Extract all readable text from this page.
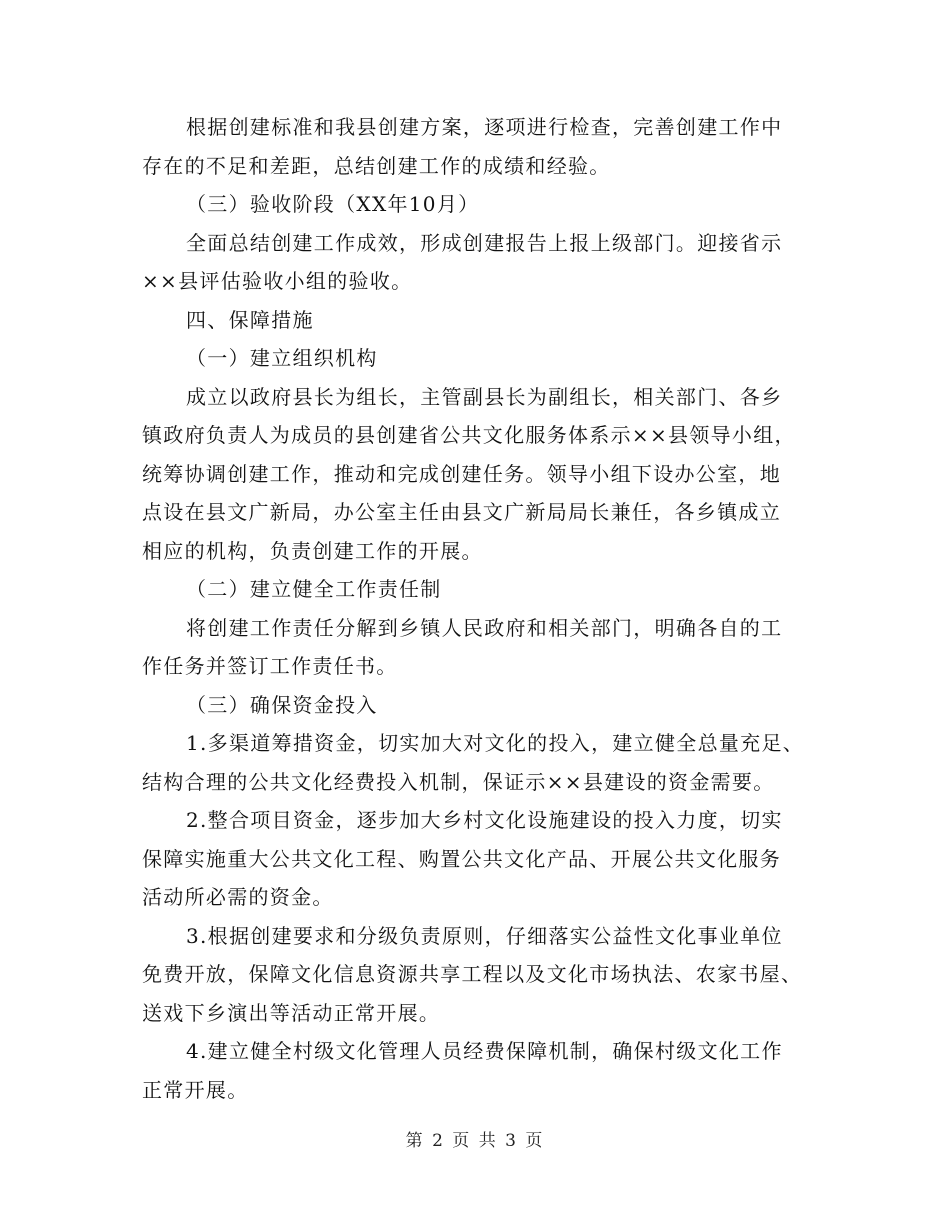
根据创建标准和我县创建方案，逐项进行检查，完善创建工作中
存在的不足和差距，总结创建工作的成绩和经验。
（三）验收阶段（XX年10月）
全面总结创建工作成效，形成创建报告上报上级部门。迎接省示
××县评估验收小组的验收。
四、保障措施
（一）建立组织机构
成立以政府县长为组长，主管副县长为副组长，相关部门、各乡
镇政府负责人为成员的县创建省公共文化服务体系示××县领导小组，
统筹协调创建工作，推动和完成创建任务。领导小组下设办公室，地
点设在县文广新局，办公室主任由县文广新局局长兼任，各乡镇成立
相应的机构，负责创建工作的开展。
（二）建立健全工作责任制
将创建工作责任分解到乡镇人民政府和相关部门，明确各自的工
作任务并签订工作责任书。
（三）确保资金投入
1.多渠道筹措资金，切实加大对文化的投入，建立健全总量充足、
结构合理的公共文化经费投入机制，保证示××县建设的资金需要。
2.整合项目资金，逐步加大乡村文化设施建设的投入力度，切实
保障实施重大公共文化工程、购置公共文化产品、开展公共文化服务
活动所必需的资金。
3.根据创建要求和分级负责原则，仔细落实公益性文化事业单位
免费开放，保障文化信息资源共享工程以及文化市场执法、农家书屋、
送戏下乡演出等活动正常开展。
4.建立健全村级文化管理人员经费保障机制，确保村级文化工作
正常开展。
第 2 页 共 3 页
